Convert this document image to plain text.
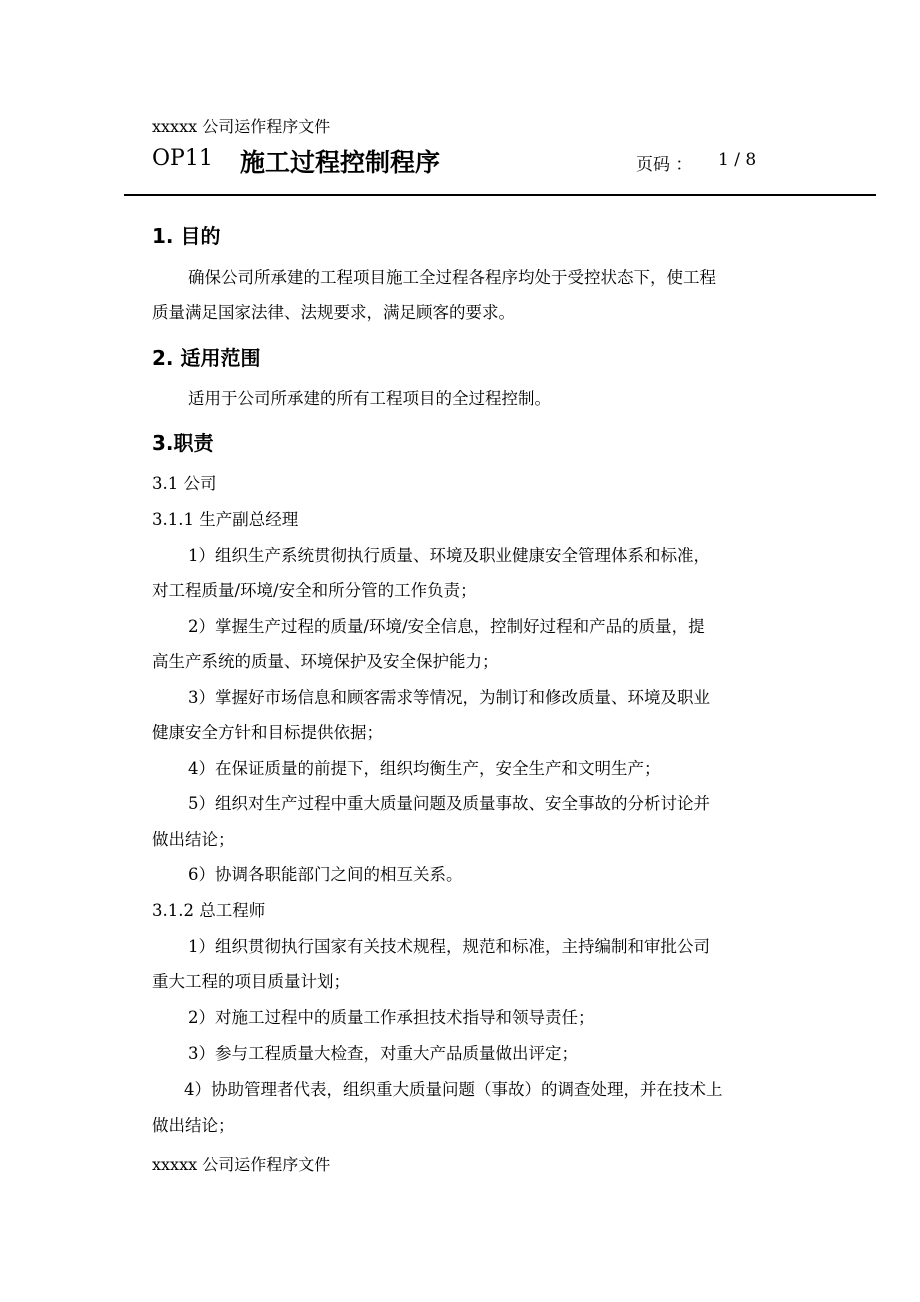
xxxxx 公司运作程序文件
OP11 施工过程控制程序	页码 ： 1 / 8
1. 目的
确保公司所承建的工程项目施工全过程各程序均处于受控状态下，使工程
质量满足国家法律、法规要求，满足顾客的要求。
2. 适用范围
适用于公司所承建的所有工程项目的全过程控制。
3.职责
3.1 公司
3.1.1 生产副总经理
1）组织生产系统贯彻执行质量、环境及职业健康安全管理体系和标准，
对工程质量/环境/安全和所分管的工作负责；
2）掌握生产过程的质量/环境/安全信息，控制好过程和产品的质量，提
高生产系统的质量、环境保护及安全保护能力；
3）掌握好市场信息和顾客需求等情况，为制订和修改质量、环境及职业
健康安全方针和目标提供依据；
4）在保证质量的前提下，组织均衡生产，安全生产和文明生产；
5）组织对生产过程中重大质量问题及质量事故、安全事故的分析讨论并
做出结论；
6）协调各职能部门之间的相互关系。
3.1.2 总工程师
1）组织贯彻执行国家有关技术规程，规范和标准，主持编制和审批公司
重大工程的项目质量计划；
2）对施工过程中的质量工作承担技术指导和领导责任；
3）参与工程质量大检查，对重大产品质量做出评定；
4）协助管理者代表，组织重大质量问题（事故）的调查处理，并在技术上
做出结论；
xxxxx 公司运作程序文件
